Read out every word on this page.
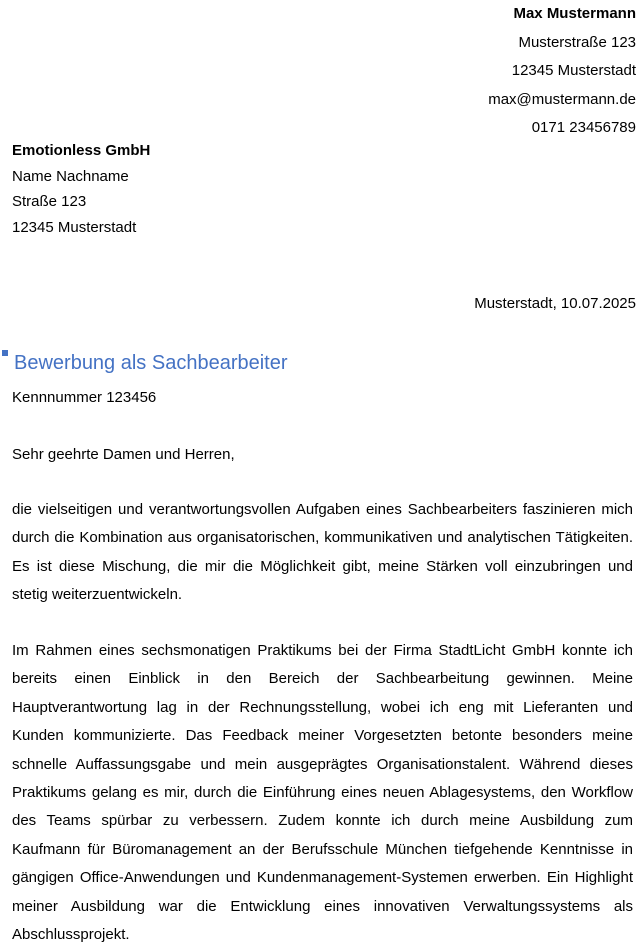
Max Mustermann
Musterstraße 123
12345 Musterstadt
max@mustermann.de
0171 23456789
Emotionless GmbH
Name Nachname
Straße 123
12345 Musterstadt
Musterstadt, 10.07.2025
Bewerbung als Sachbearbeiter
Kennnummer 123456
Sehr geehrte Damen und Herren,

die vielseitigen und verantwortungsvollen Aufgaben eines Sachbearbeiters faszinieren mich durch die Kombination aus organisatorischen, kommunikativen und analytischen Tätigkeiten. Es ist diese Mischung, die mir die Möglichkeit gibt, meine Stärken voll einzubringen und stetig weiterzuentwickeln.

Im Rahmen eines sechsmonatigen Praktikums bei der Firma StadtLicht GmbH konnte ich bereits einen Einblick in den Bereich der Sachbearbeitung gewinnen. Meine Hauptverantwortung lag in der Rechnungsstellung, wobei ich eng mit Lieferanten und Kunden kommunizierte. Das Feedback meiner Vorgesetzten betonte besonders meine schnelle Auffassungsgabe und mein ausgeprägtes Organisationstalent. Während dieses Praktikums gelang es mir, durch die Einführung eines neuen Ablagesystems, den Workflow des Teams spürbar zu verbessern. Zudem konnte ich durch meine Ausbildung zum Kaufmann für Büromanagement an der Berufsschule München tiefgehende Kenntnisse in gängigen Office-Anwendungen und Kundenmanagement-Systemen erwerben. Ein Highlight meiner Ausbildung war die Entwicklung eines innovativen Verwaltungssystems als Abschlussprojekt.
